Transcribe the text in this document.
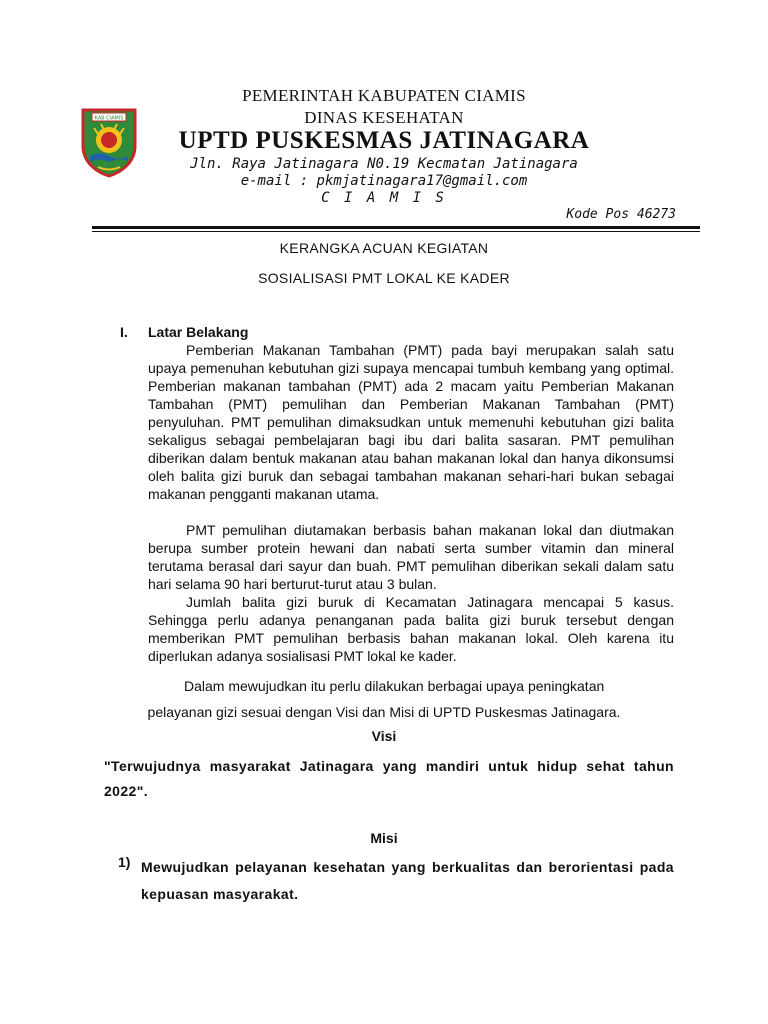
KAB CIAMIS
PEMERINTAH KABUPATEN CIAMIS
DINAS KESEHATAN
UPTD PUSKESMAS JATINAGARA
Jln. Raya Jatinagara N0.19 Kecmatan Jatinagara
e-mail : pkmjatinagara17@gmail.com
C I A M I S
Kode Pos 46273
KERANGKA ACUAN KEGIATAN
SOSIALISASI PMT LOKAL KE KADER
I. Latar Belakang

Pemberian Makanan Tambahan (PMT) pada bayi merupakan salah satu upaya pemenuhan kebutuhan gizi supaya mencapai tumbuh kembang yang optimal. Pemberian makanan tambahan (PMT) ada 2 macam yaitu Pemberian Makanan Tambahan (PMT) pemulihan dan Pemberian Makanan Tambahan (PMT) penyuluhan. PMT pemulihan dimaksudkan untuk memenuhi kebutuhan gizi balita sekaligus sebagai pembelajaran bagi ibu dari balita sasaran. PMT pemulihan diberikan dalam bentuk makanan atau bahan makanan lokal dan hanya dikonsumsi oleh balita gizi buruk dan sebagai tambahan makanan sehari-hari bukan sebagai makanan pengganti makanan utama.

PMT pemulihan diutamakan berbasis bahan makanan lokal dan diutmakan berupa sumber protein hewani dan nabati serta sumber vitamin dan mineral terutama berasal dari sayur dan buah. PMT pemulihan diberikan sekali dalam satu hari selama 90 hari berturut-turut atau 3 bulan.

Jumlah balita gizi buruk di Kecamatan Jatinagara mencapai 5 kasus. Sehingga perlu adanya penanganan pada balita gizi buruk tersebut dengan memberikan PMT pemulihan berbasis bahan makanan lokal. Oleh karena itu diperlukan adanya sosialisasi PMT lokal ke kader.

Dalam mewujudkan itu perlu dilakukan berbagai upaya peningkatan
pelayanan gizi sesuai dengan Visi dan Misi di UPTD Puskesmas Jatinagara.
Visi
"Terwujudnya masyarakat Jatinagara yang mandiri untuk hidup sehat tahun 2022".
Misi
1) Mewujudkan pelayanan kesehatan yang berkualitas dan berorientasi pada kepuasan masyarakat.
